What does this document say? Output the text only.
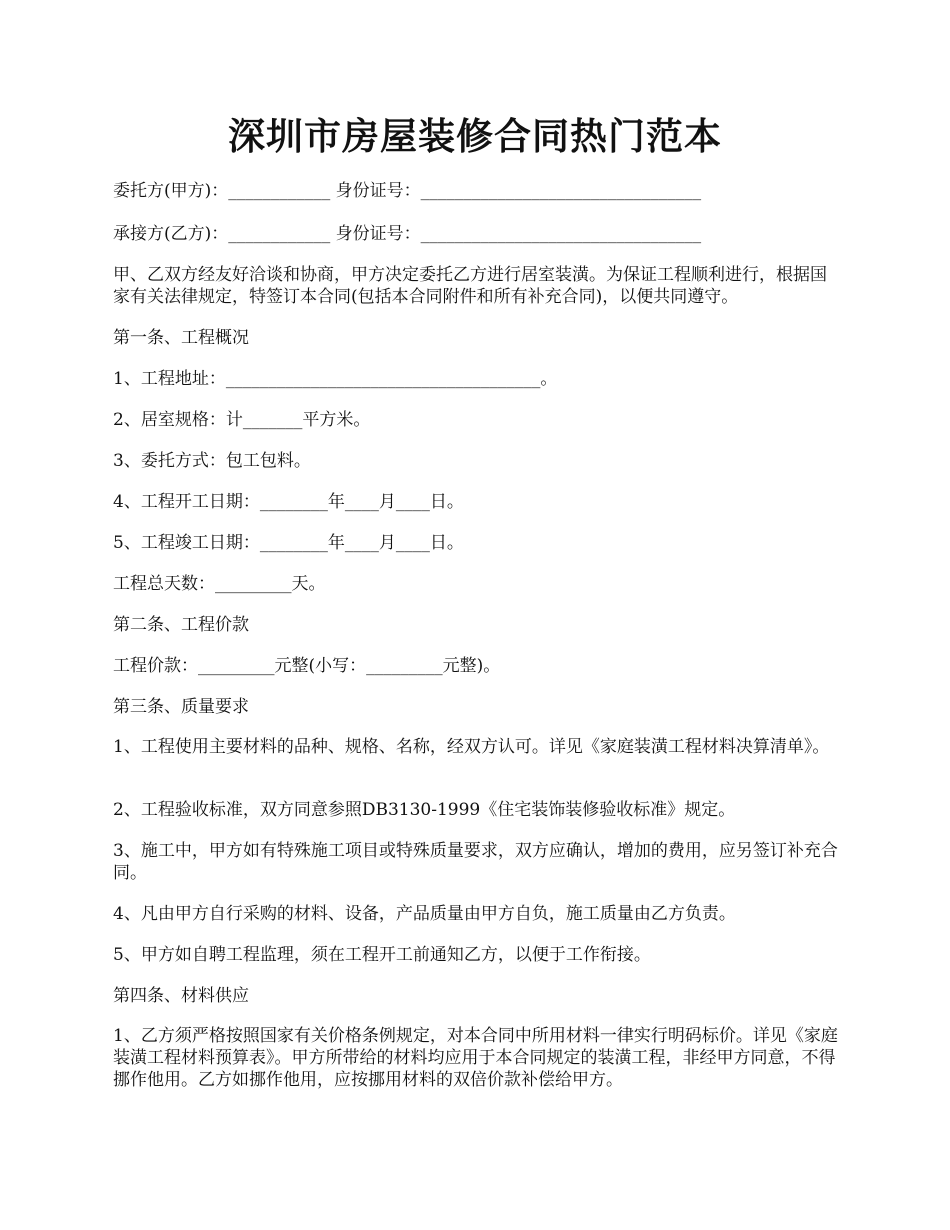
深圳市房屋装修合同热门范本

委托方(甲方)：____________ 身份证号：_________________________________

承接方(乙方)：____________ 身份证号：_________________________________

甲、乙双方经友好洽谈和协商，甲方决定委托乙方进行居室装潢。为保证工程顺利进行，根据国家有关法律规定，特签订本合同(包括本合同附件和所有补充合同)，以便共同遵守。

第一条、工程概况

1、工程地址：_____________________________________。

2、居室规格：计_______平方米。

3、委托方式：包工包料。

4、工程开工日期：________年____月____日。

5、工程竣工日期：________年____月____日。

工程总天数：_________天。

第二条、工程价款

工程价款：_________元整(小写：_________元整)。

第三条、质量要求

1、工程使用主要材料的品种、规格、名称，经双方认可。详见《家庭装潢工程材料决算清单》。

2、工程验收标准，双方同意参照DB3130-1999《住宅装饰装修验收标准》规定。

3、施工中，甲方如有特殊施工项目或特殊质量要求，双方应确认，增加的费用，应另签订补充合同。

4、凡由甲方自行采购的材料、设备，产品质量由甲方自负，施工质量由乙方负责。

5、甲方如自聘工程监理，须在工程开工前通知乙方，以便于工作衔接。

第四条、材料供应

1、乙方须严格按照国家有关价格条例规定，对本合同中所用材料一律实行明码标价。详见《家庭装潢工程材料预算表》。甲方所带给的材料均应用于本合同规定的装潢工程，非经甲方同意，不得挪作他用。乙方如挪作他用，应按挪用材料的双倍价款补偿给甲方。
